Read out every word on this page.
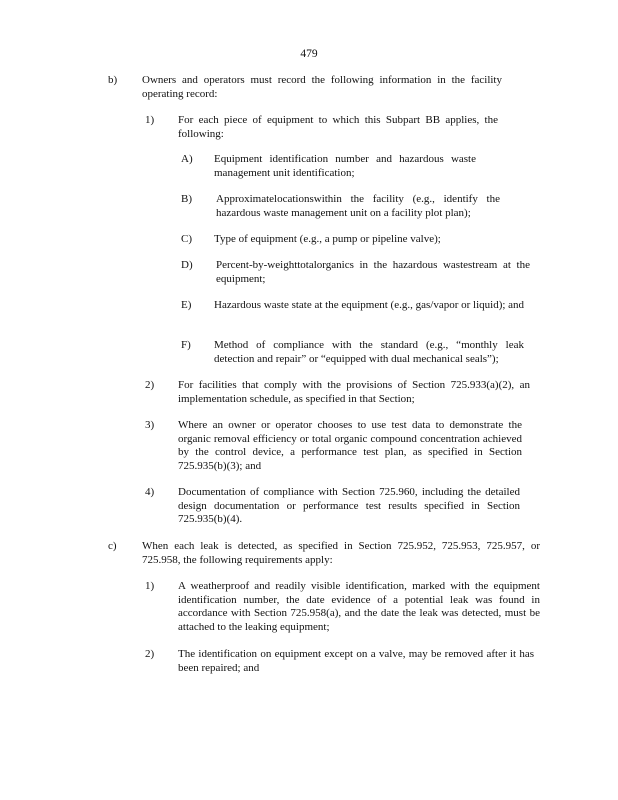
479
b) Owners and operators must record the following information in the facility operating record:
1) For each piece of equipment to which this Subpart BB applies, the following:
A) Equipment identification number and hazardous waste management unit identification;
B) Approximatelocationswithin the facility (e.g., identify the hazardous waste management unit on a facility plot plan);
C) Type of equipment (e.g., a pump or pipeline valve);
D) Percent-by-weighttotalorganics in the hazardous wastestream at the equipment;
E) Hazardous waste state at the equipment (e.g., gas/vapor or liquid); and
F) Method of compliance with the standard (e.g., “monthly leak detection and repair” or “equipped with dual mechanical seals”);
2) For facilities that comply with the provisions of Section 725.933(a)(2), an implementation schedule, as specified in that Section;
3) Where an owner or operator chooses to use test data to demonstrate the organic removal efficiency or total organic compound concentration achieved by the control device, a performance test plan, as specified in Section 725.935(b)(3); and
4) Documentation of compliance with Section 725.960, including the detailed design documentation or performance test results specified in Section 725.935(b)(4).
c) When each leak is detected, as specified in Section 725.952, 725.953, 725.957, or 725.958, the following requirements apply:
1) A weatherproof and readily visible identification, marked with the equipment identification number, the date evidence of a potential leak was found in accordance with Section 725.958(a), and the date the leak was detected, must be attached to the leaking equipment;
2) The identification on equipment except on a valve, may be removed after it has been repaired; and
